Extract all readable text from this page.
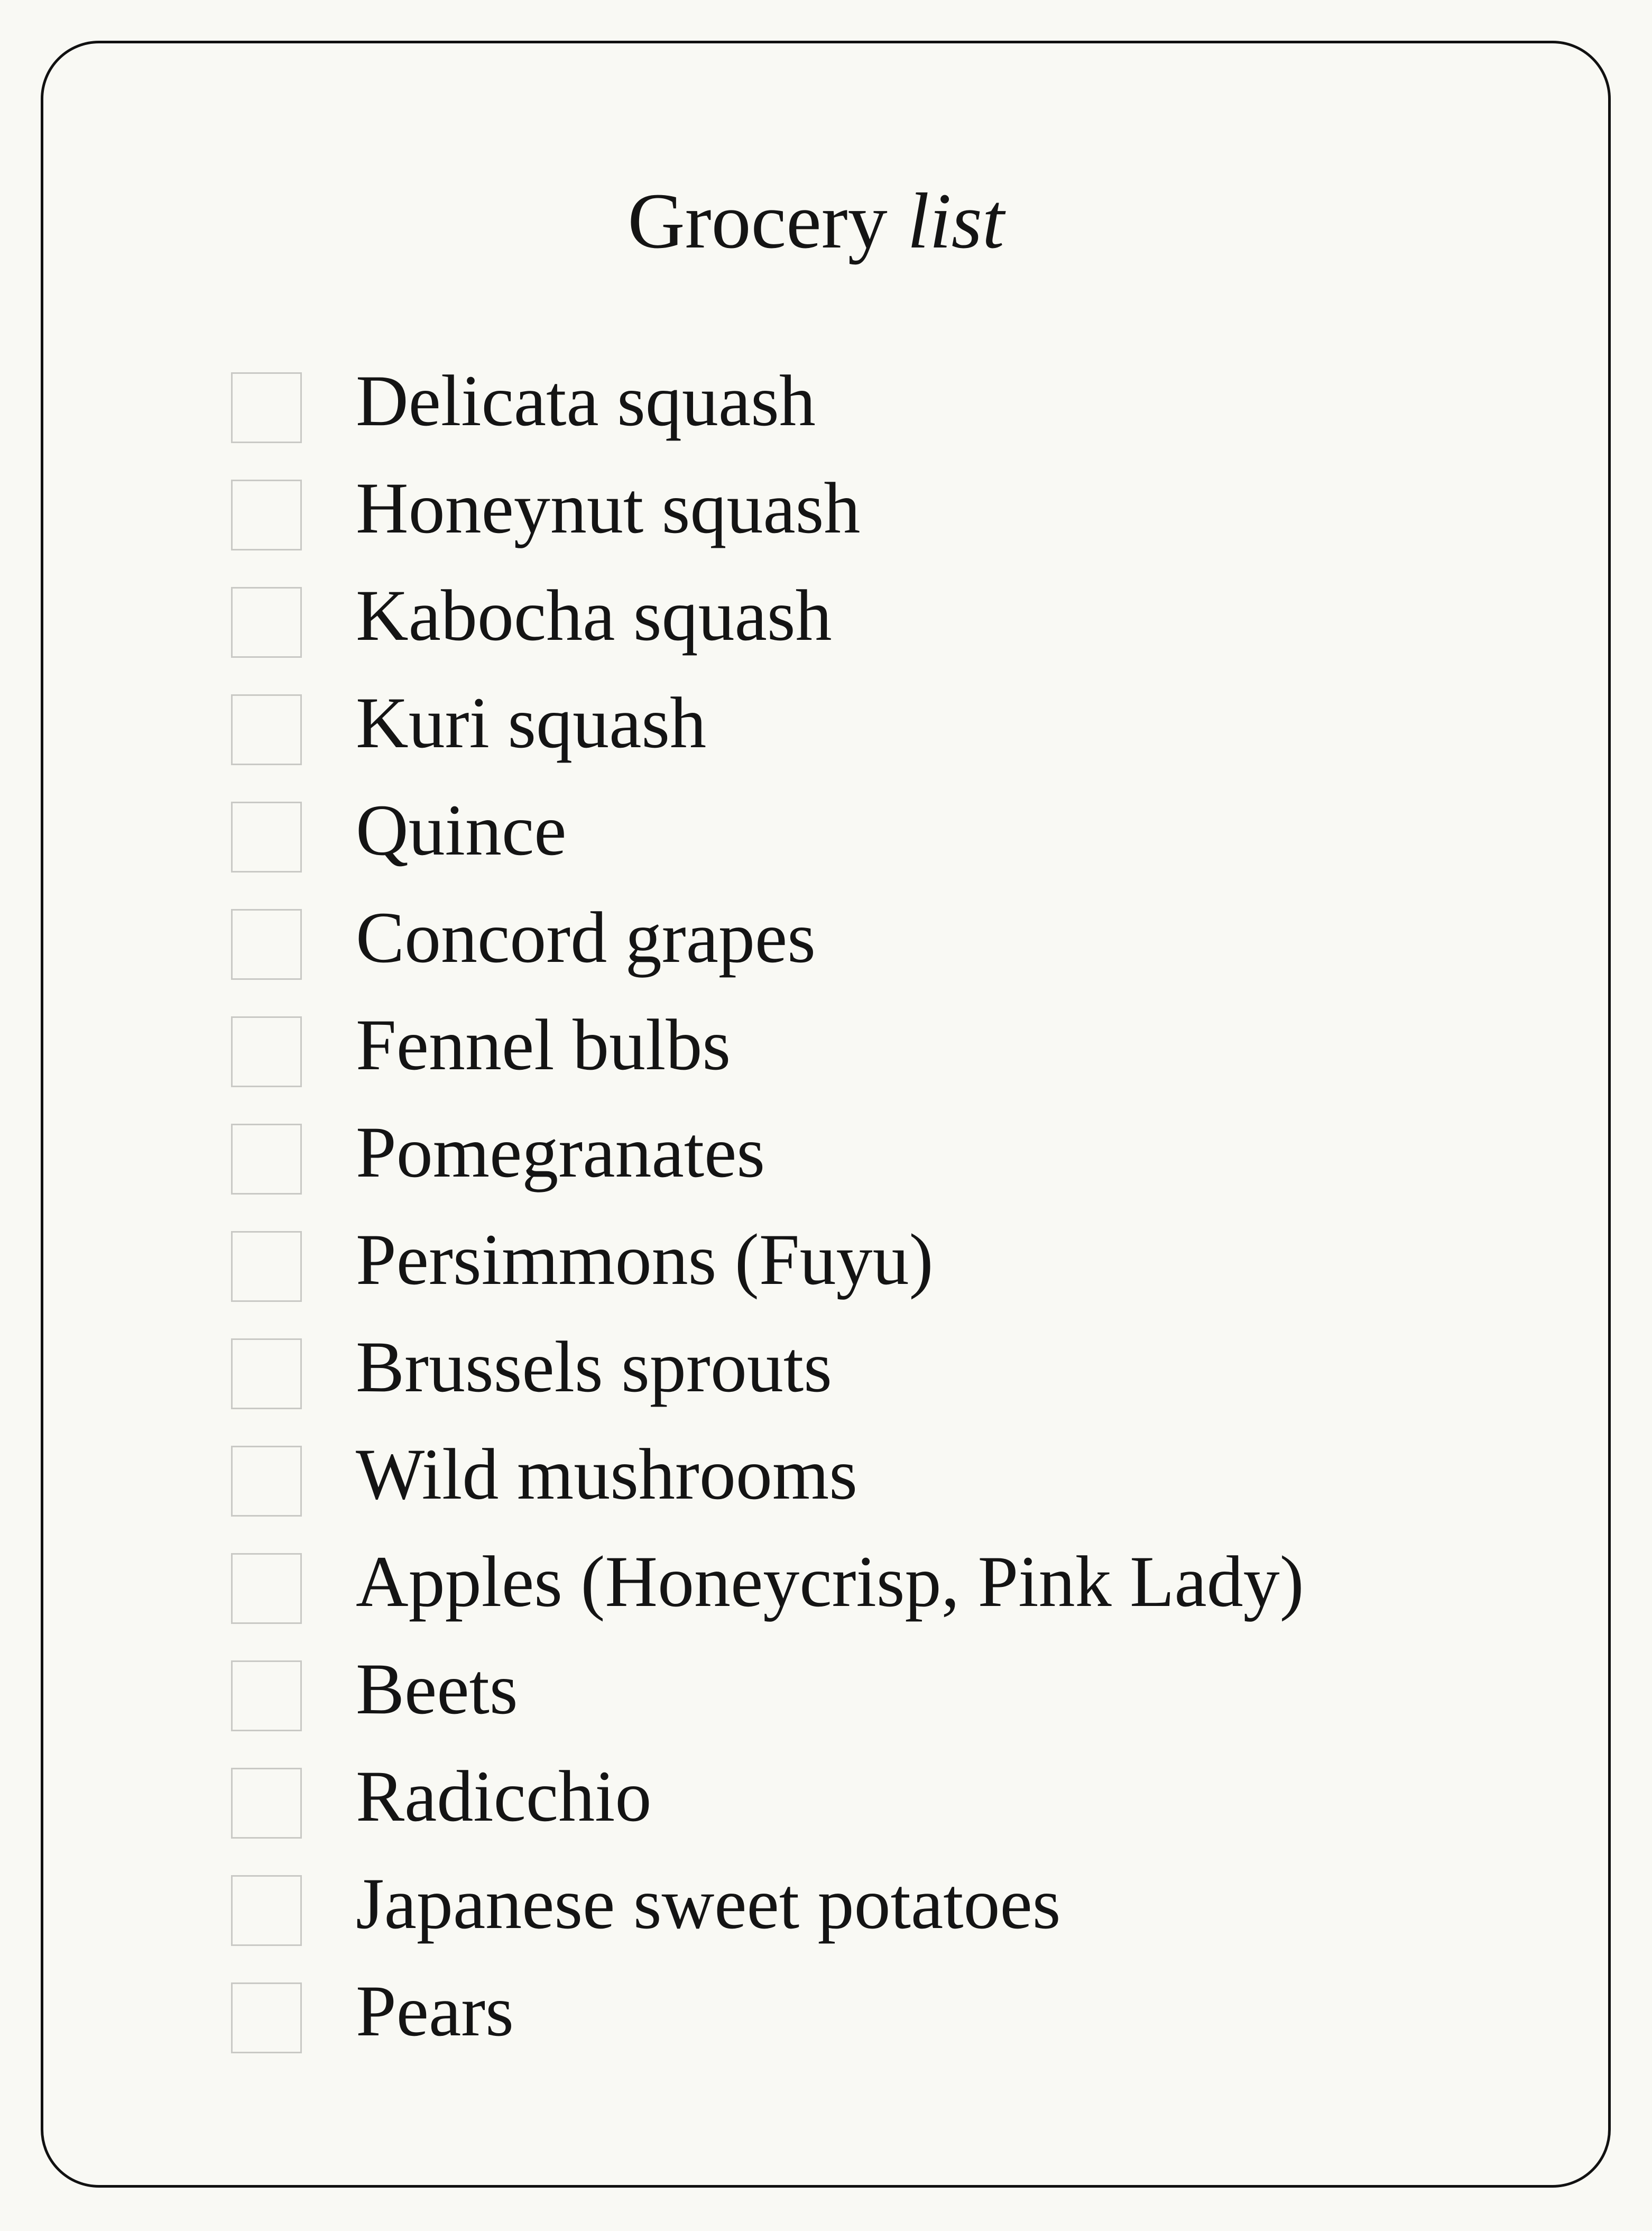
Grocery list
Delicata squash
Honeynut squash
Kabocha squash
Kuri squash
Quince
Concord grapes
Fennel bulbs
Pomegranates
Persimmons (Fuyu)
Brussels sprouts
Wild mushrooms
Apples (Honeycrisp, Pink Lady)
Beets
Radicchio
Japanese sweet potatoes
Pears
